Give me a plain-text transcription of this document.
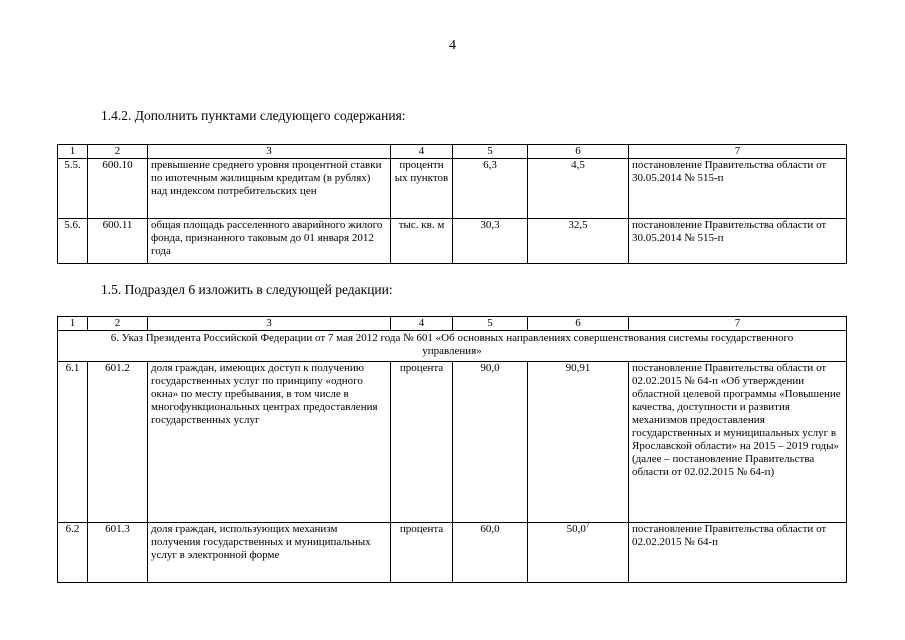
4
1.4.2. Дополнить пунктами следующего содержания:
1	2	3	4	5	6	7
5.5.	600.10	превышение среднего уровня процентной ставки по ипотечным жилищным кредитам (в рублях) над индексом потребительских цен	процентн ых пунктов	6,3	4,5	постановление Правительства области от 30.05.2014 № 515-п
5.6.	600.11	общая площадь расселенного аварийного жилого фонда, признанного таковым до 01 января 2012 года	тыс. кв. м	30,3	32,5	постановление Правительства области от 30.05.2014 № 515-п
1.5. Подраздел 6 изложить в следующей редакции:
1	2	3	4	5	6	7
6. Указ Президента Российской Федерации от 7 мая 2012 года № 601 «Об основных направлениях совершенствования системы государственного управления»						
6.1	601.2	доля граждан, имеющих доступ к получению государственных услуг по принципу «одного окна» по месту пребывания, в том числе в многофункциональных центрах предоставления государственных услуг	процента	90,0	90,91	постановление Правительства области от 02.02.2015 № 64-п «Об утверждении областной целевой программы «Повышение качества, доступности и развития механизмов предоставления государственных и муниципальных услуг в Ярославской области» на 2015 – 2019 годы» (далее – постановление Правительства области от 02.02.2015 № 64-п)
6.2	601.3	доля граждан, использующих механизм получения государственных и муниципальных услуг в электронной форме	процента	60,0	50,0$^7$	постановление Правительства области от 02.02.2015 № 64-п
